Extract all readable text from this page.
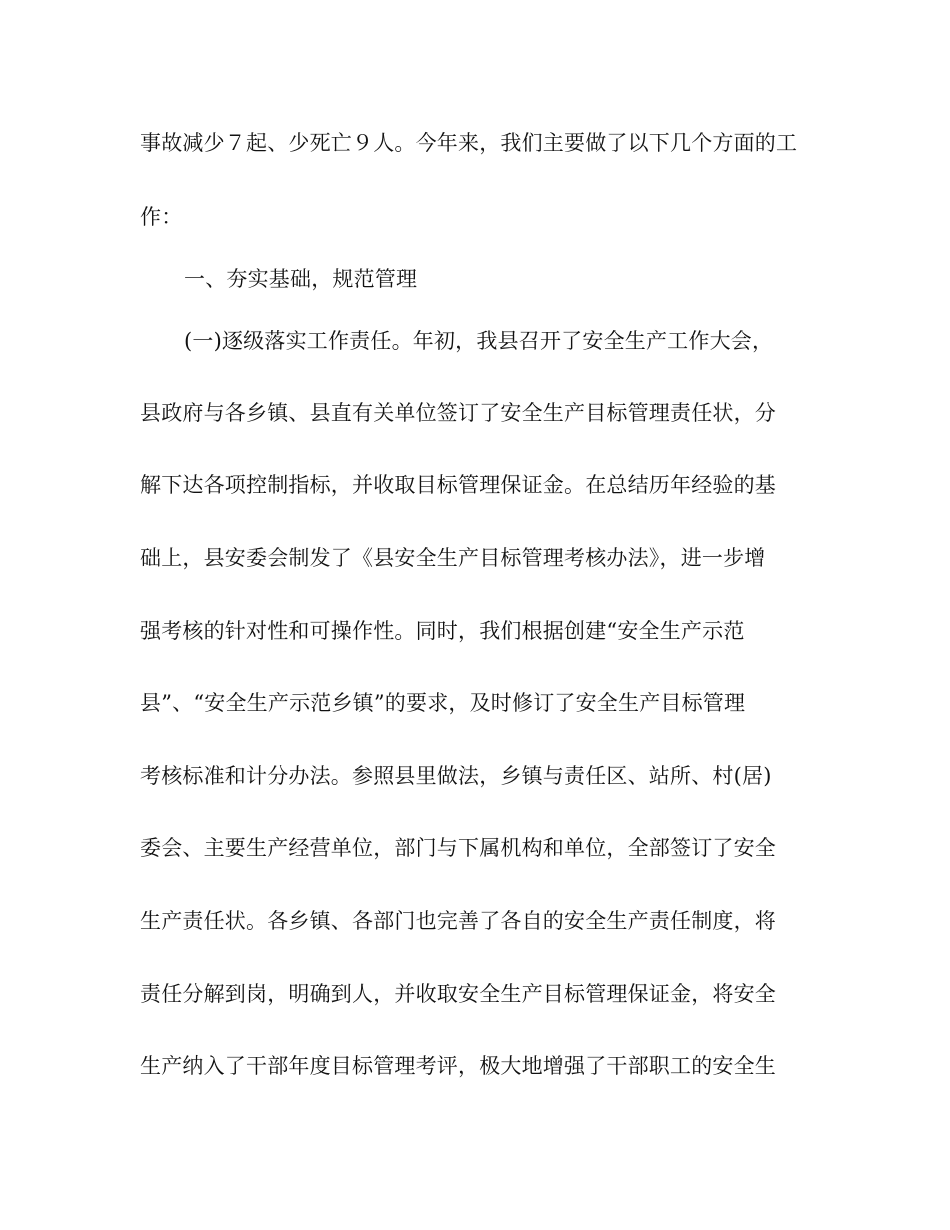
事故减少７起、少死亡９人。今年来，我们主要做了以下几个方面的工
作：
一、夯实基础，规范管理
(一)逐级落实工作责任。年初，我县召开了安全生产工作大会，
县政府与各乡镇、县直有关单位签订了安全生产目标管理责任状，分
解下达各项控制指标，并收取目标管理保证金。在总结历年经验的基
础上，县安委会制发了《县安全生产目标管理考核办法》，进一步增
强考核的针对性和可操作性。同时，我们根据创建“安全生产示范
县”、“安全生产示范乡镇”的要求，及时修订了安全生产目标管理
考核标准和计分办法。参照县里做法，乡镇与责任区、站所、村(居)
委会、主要生产经营单位，部门与下属机构和单位，全部签订了安全
生产责任状。各乡镇、各部门也完善了各自的安全生产责任制度，将
责任分解到岗，明确到人，并收取安全生产目标管理保证金，将安全
生产纳入了干部年度目标管理考评，极大地增强了干部职工的安全生
